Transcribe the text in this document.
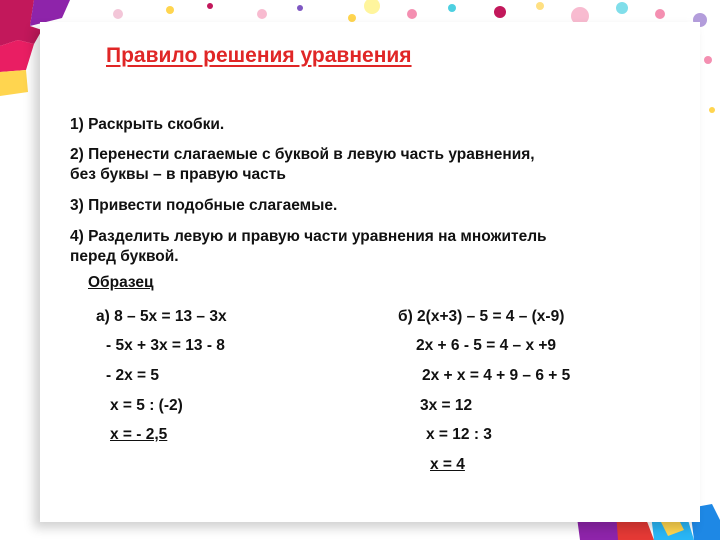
Правило решения уравнения
1) Раскрыть скобки.
2) Перенести слагаемые с буквой в левую часть уравнения,
без буквы – в правую часть
3) Привести подобные слагаемые.
4) Разделить левую и правую части уравнения на множитель
перед буквой.
Образец
а) 8 – 5х = 13 – 3х
- 5х + 3х = 13 - 8
- 2х = 5
х = 5 : (-2)
х = - 2,5
б) 2(х+3) – 5 = 4 – (х-9)
2х + 6 - 5 = 4 – х +9
2х + х = 4 + 9 – 6 + 5
3х = 12
х = 12 : 3
х = 4
